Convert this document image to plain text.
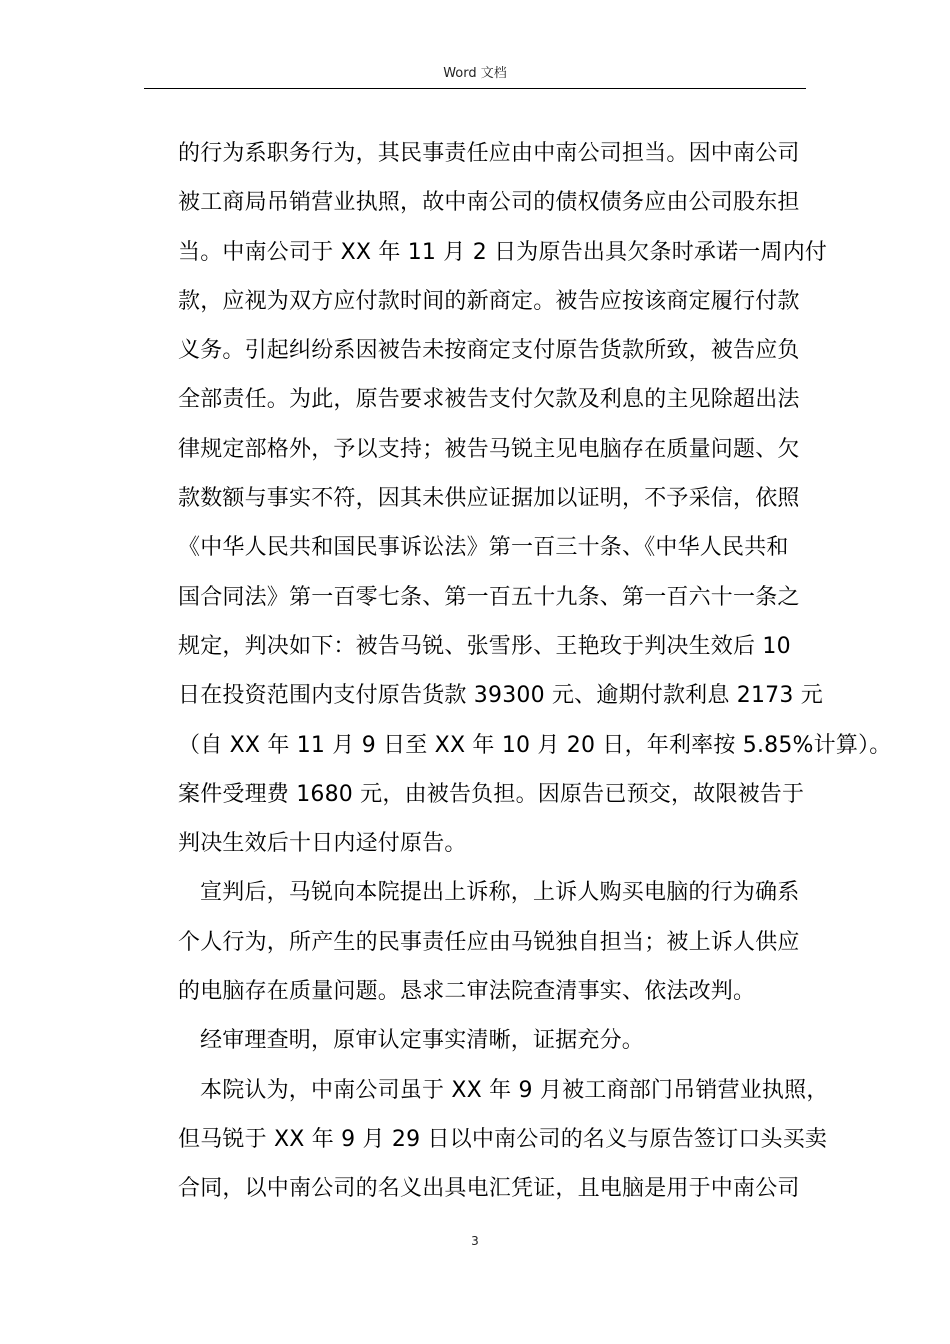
Word 文档
的行为系职务行为，其民事责任应由中南公司担当。因中南公司
被工商局吊销营业执照，故中南公司的债权债务应由公司股东担
当。中南公司于 XX 年 11 月 2 日为原告出具欠条时承诺一周内付
款，应视为双方应付款时间的新商定。被告应按该商定履行付款
义务。引起纠纷系因被告未按商定支付原告货款所致，被告应负
全部责任。为此，原告要求被告支付欠款及利息的主见除超出法
律规定部格外，予以支持；被告马锐主见电脑存在质量问题、欠
款数额与事实不符，因其未供应证据加以证明，不予采信，依照
《中华人民共和国民事诉讼法》第一百三十条、《中华人民共和
国合同法》第一百零七条、第一百五十九条、第一百六十一条之
规定，判决如下：被告马锐、张雪彤、王艳玫于判决生效后 10
日在投资范围内支付原告货款 39300 元、逾期付款利息 2173 元
（自 XX 年 11 月 9 日至 XX 年 10 月 20 日，年利率按 5.85%计算）。
案件受理费 1680 元，由被告负担。因原告已预交，故限被告于
判决生效后十日内迳付原告。
宣判后，马锐向本院提出上诉称，上诉人购买电脑的行为确系
个人行为，所产生的民事责任应由马锐独自担当；被上诉人供应
的电脑存在质量问题。恳求二审法院查清事实、依法改判。
经审理查明，原审认定事实清晰，证据充分。
本院认为，中南公司虽于 XX 年 9 月被工商部门吊销营业执照，
但马锐于 XX 年 9 月 29 日以中南公司的名义与原告签订口头买卖
合同，以中南公司的名义出具电汇凭证，且电脑是用于中南公司
3
